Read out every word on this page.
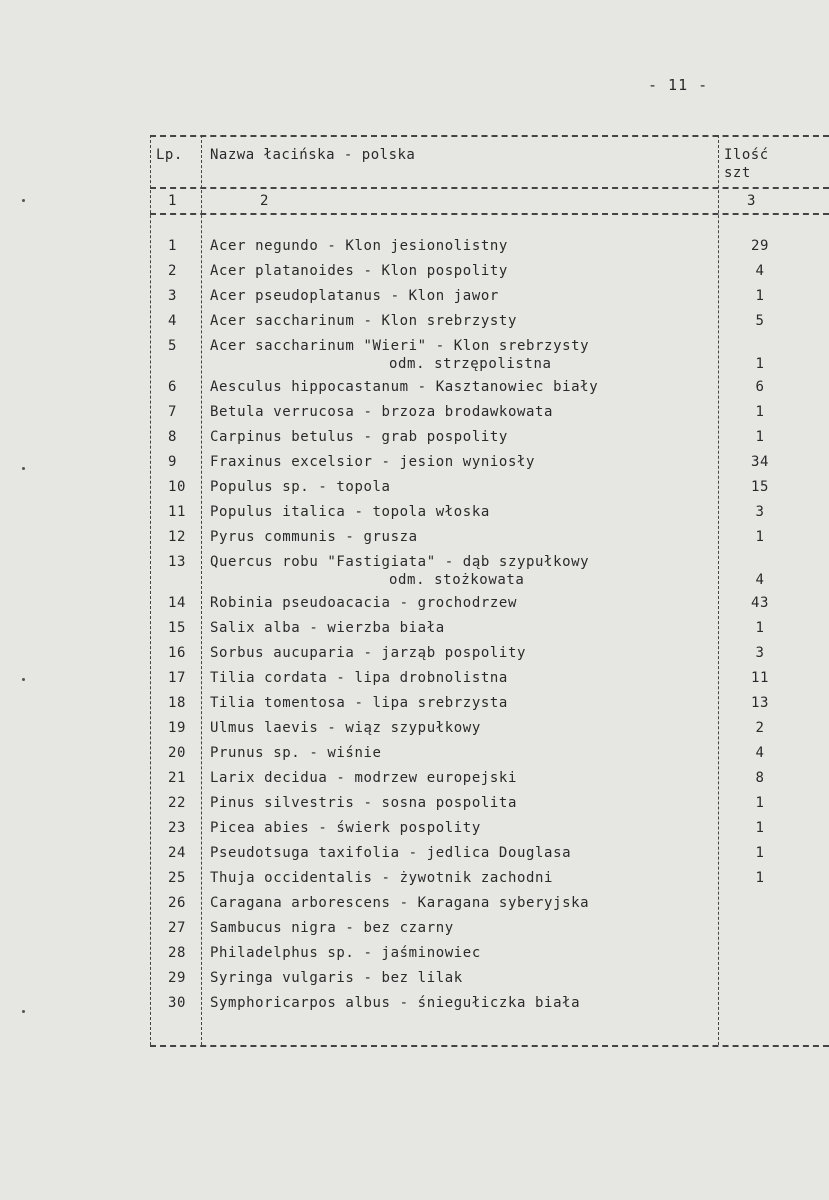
- 11 -
Lp. Nazwa łacińska - polska	Ilość
szt
1	2	3
1	Acer negundo - Klon jesionolistny	29
2	Acer platanoides - Klon pospolity	4
3	Acer pseudoplatanus - Klon jawor	1
4	Acer saccharinum - Klon srebrzysty	5
5	Acer saccharinum "Wieri" - Klon srebrzysty
odm. strzępolistna	1
6	Aesculus hippocastanum - Kasztanowiec biały	6
7	Betula verrucosa - brzoza brodawkowata	1
8	Carpinus betulus - grab pospolity	1
9	Fraxinus excelsior - jesion wyniosły	34
10 Populus sp. - topola	15
11 Populus italica - topola włoska	3
12 Pyrus communis - grusza	1
13 Quercus robu "Fastigiata" - dąb szypułkowy
odm. stożkowata	4
14 Robinia pseudoacacia - grochodrzew	43
15 Salix alba - wierzba biała	1
16 Sorbus aucuparia - jarząb pospolity	3
17 Tilia cordata - lipa drobnolistna	11
18 Tilia tomentosa - lipa srebrzysta	13
19 Ulmus laevis - wiąz szypułkowy	2
20 Prunus sp. - wiśnie	4
21 Larix decidua - modrzew europejski	8
22 Pinus silvestris - sosna pospolita	1
23 Picea abies - świerk pospolity	1
24 Pseudotsuga taxifolia - jedlica Douglasa	1
25 Thuja occidentalis - żywotnik zachodni	1
26 Caragana arborescens - Karagana syberyjska
27 Sambucus nigra - bez czarny
28 Philadelphus sp. - jaśminowiec
29 Syringa vulgaris - bez lilak
30 Symphoricarpos albus - śniegułiczka biała
